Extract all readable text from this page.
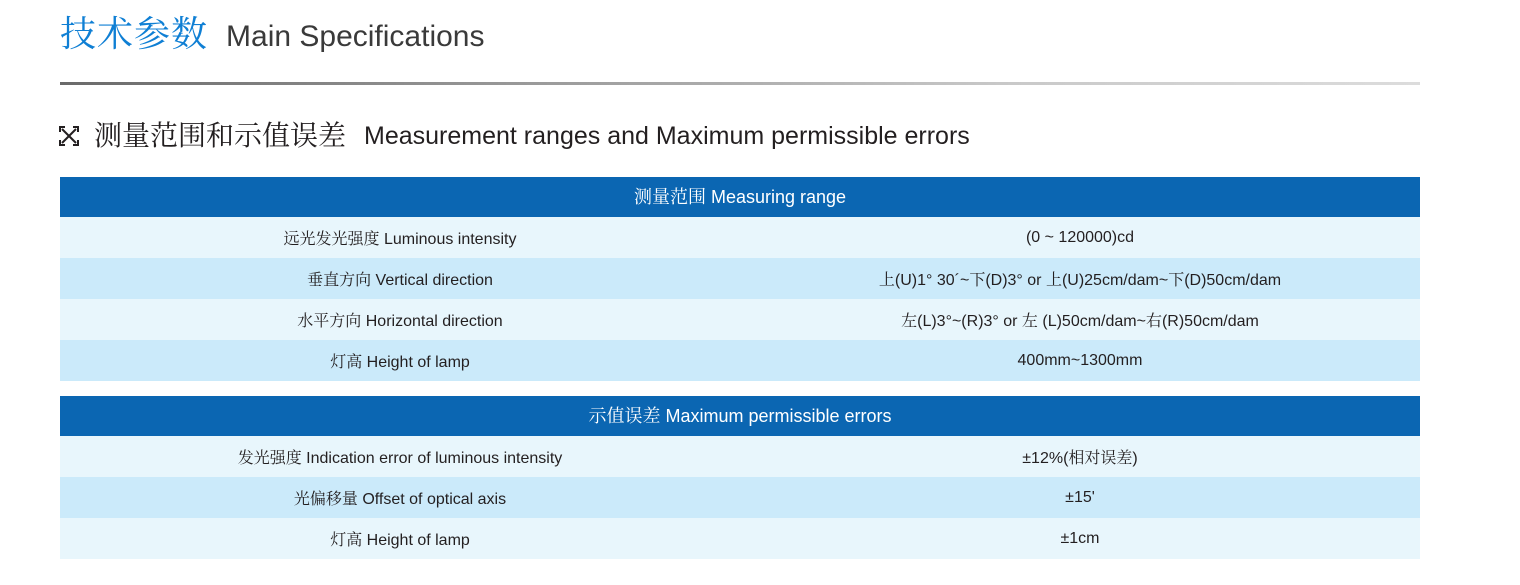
技术参数 Main Specifications
测量范围和示值误差 Measurement ranges and Maximum permissible errors
测量范围 Measuring range	
远光发光强度 Luminous intensity	(0 ~ 120000)cd
垂直方向 Vertical direction	上(U)1° 30´~下(D)3° or 上(U)25cm/dam~下(D)50cm/dam
水平方向 Horizontal direction	左(L)3°~(R)3° or 左 (L)50cm/dam~右(R)50cm/dam
灯高 Height of lamp	400mm~1300mm
示值误差 Maximum permissible errors	
发光强度 Indication error of luminous intensity	±12%(相对误差)
光偏移量 Offset of optical axis	±15'
灯高 Height of lamp	±1cm
